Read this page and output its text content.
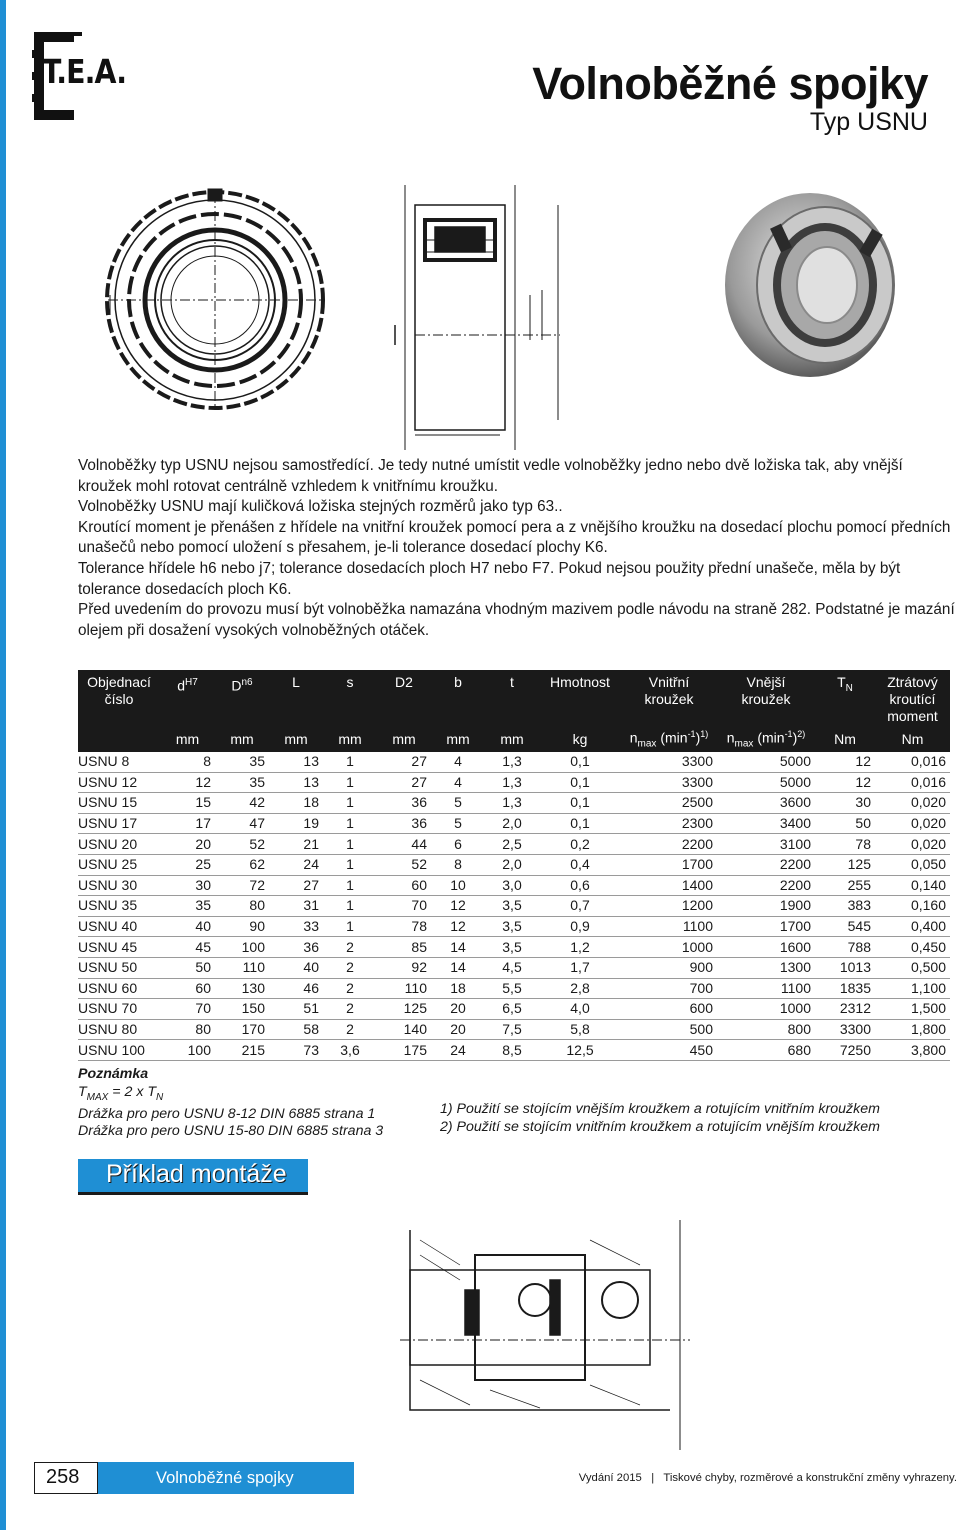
T.E.A.	Volnoběžné spojky
Typ USNU

Volnoběžky typ USNU nejsou samostředící. Je tedy nutné umístit vedle volnoběžky jedno nebo dvě ložiska tak, aby vnější kroužek mohl rotovat centrálně vzhledem k vnitřnímu kroužku.

Volnoběžky USNU mají kuličková ložiska stejných rozměrů jako typ 63..

Kroutící moment je přenášen z hřídele na vnitřní kroužek pomocí pera a z vnějšího kroužku na dosedací plochu pomocí předních unašečů nebo pomocí uložení s přesahem, je-li tolerance dosedací plochy K6.

Tolerance hřídele h6 nebo j7; tolerance dosedacích ploch H7 nebo F7. Pokud nejsou použity přední unašeče, měla by být tolerance dosedacích ploch K6.

Před uvedením do provozu musí být volnoběžka namazána vhodným mazivem podle návodu na straně 282. Podstatné je mazání olejem při dosažení vysokých volnoběžných otáček.

Objednací číslo	$d^{H7}$	$D^{n6}$	L	s	D2	b	t	Hmotnost	Vnitřní kroužek	Vnější kroužek	$T_N$	Ztrátový kroutící moment
	mm	mm	mm	mm	mm	mm	mm	kg	$n_{max}$ $(\min^{-1})^{1)}$	$n_{max}$ $(\min^{-1})^{2)}$	Nm	Nm
USNU 8	8	35	13	1	27	4	1,3	0,1	3300	5000	12	0,016
USNU 12	12	35	13	1	27	4	1,3	0,1	3300	5000	12	0,016
USNU 15	15	42	18	1	36	5	1,3	0,1	2500	3600	30	0,020
USNU 17	17	47	19	1	36	5	2,0	0,1	2300	3400	50	0,020
USNU 20	20	52	21	1	44	6	2,5	0,2	2200	3100	78	0,020
USNU 25	25	62	24	1	52	8	2,0	0,4	1700	2200	125	0,050
USNU 30	30	72	27	1	60	10	3,0	0,6	1400	2200	255	0,140
USNU 35	35	80	31	1	70	12	3,5	0,7	1200	1900	383	0,160
USNU 40	40	90	33	1	78	12	3,5	0,9	1100	1700	545	0,400
USNU 45	45	100	36	2	85	14	3,5	1,2	1000	1600	788	0,450
USNU 50	50	110	40	2	92	14	4,5	1,7	900	1300	1013	0,500
USNU 60	60	130	46	2	110	18	5,5	2,8	700	1100	1835	1,100
USNU 70	70	150	51	2	125	20	6,5	4,0	600	1000	2312	1,500
USNU 80	80	170	58	2	140	20	7,5	5,8	500	800	3300	1,800
USNU 100	100	215	73	3,6	175	24	8,5	12,5	450	680	7250	3,800
Poznámka
$T_{MAX} = 2$ x $T_N$
Drážka pro pero USNU 8-12 DIN 6885 strana 1
Drážka pro pero USNU 15-80 DIN 6885 strana 3
1) Použití se stojícím vnějším kroužkem a rotujícím vnitřním kroužkem
2) Použití se stojícím vnitřním kroužkem a rotujícím vnějším kroužkem
Příklad montáže
258	Volnoběžné spojky	Vydání 2015   |   Tiskové chyby, rozměrové a konstrukční změny vyhrazeny.
